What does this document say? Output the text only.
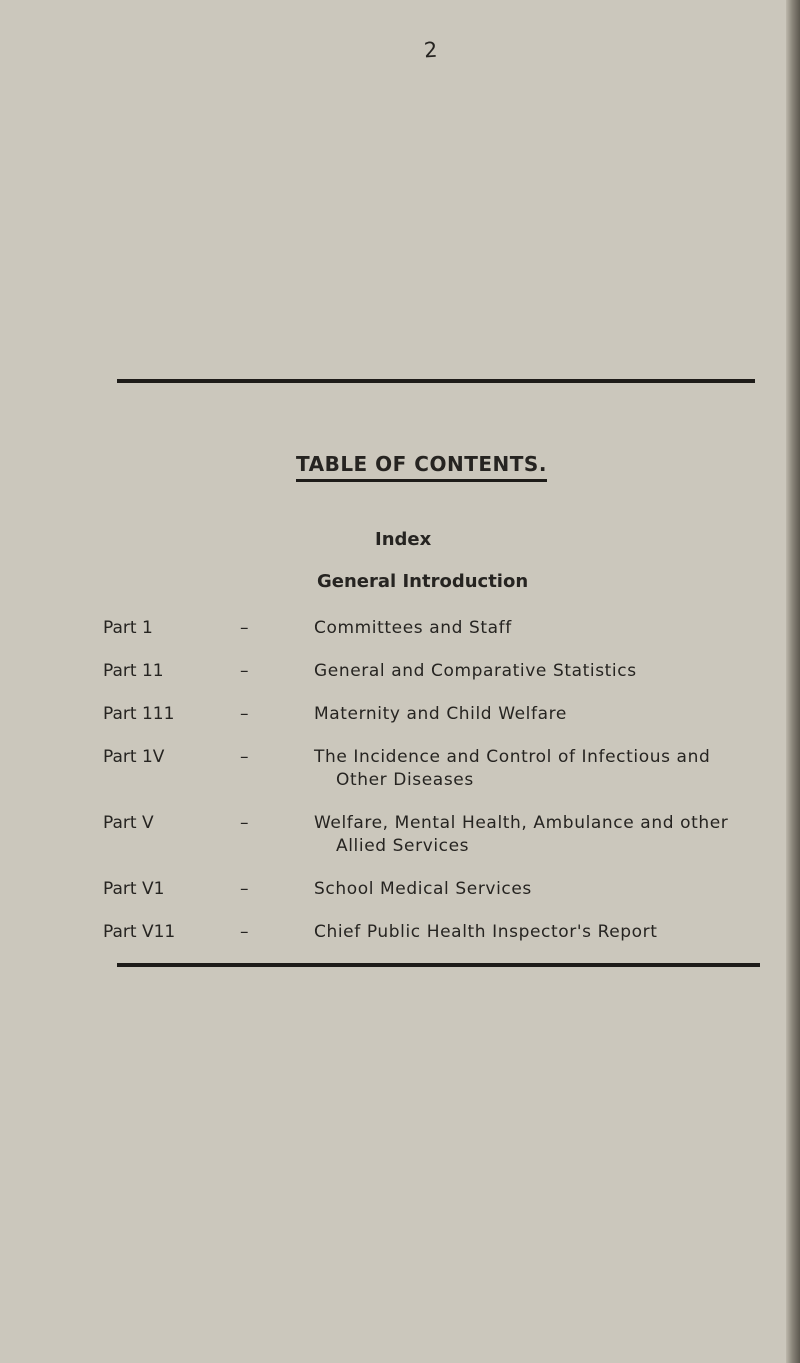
2
TABLE OF CONTENTS.
Index
General Introduction
Part 1	–	Committees and Staff
Part 11	–	General and Comparative Statistics
Part 111	–	Maternity and Child Welfare
Part 1V	–	The Incidence and Control of Infectious and
Other Diseases
Part V	–	Welfare, Mental Health, Ambulance and other
Allied Services
Part V1	–	School Medical Services
Part V11	–	Chief Public Health Inspector's Report
